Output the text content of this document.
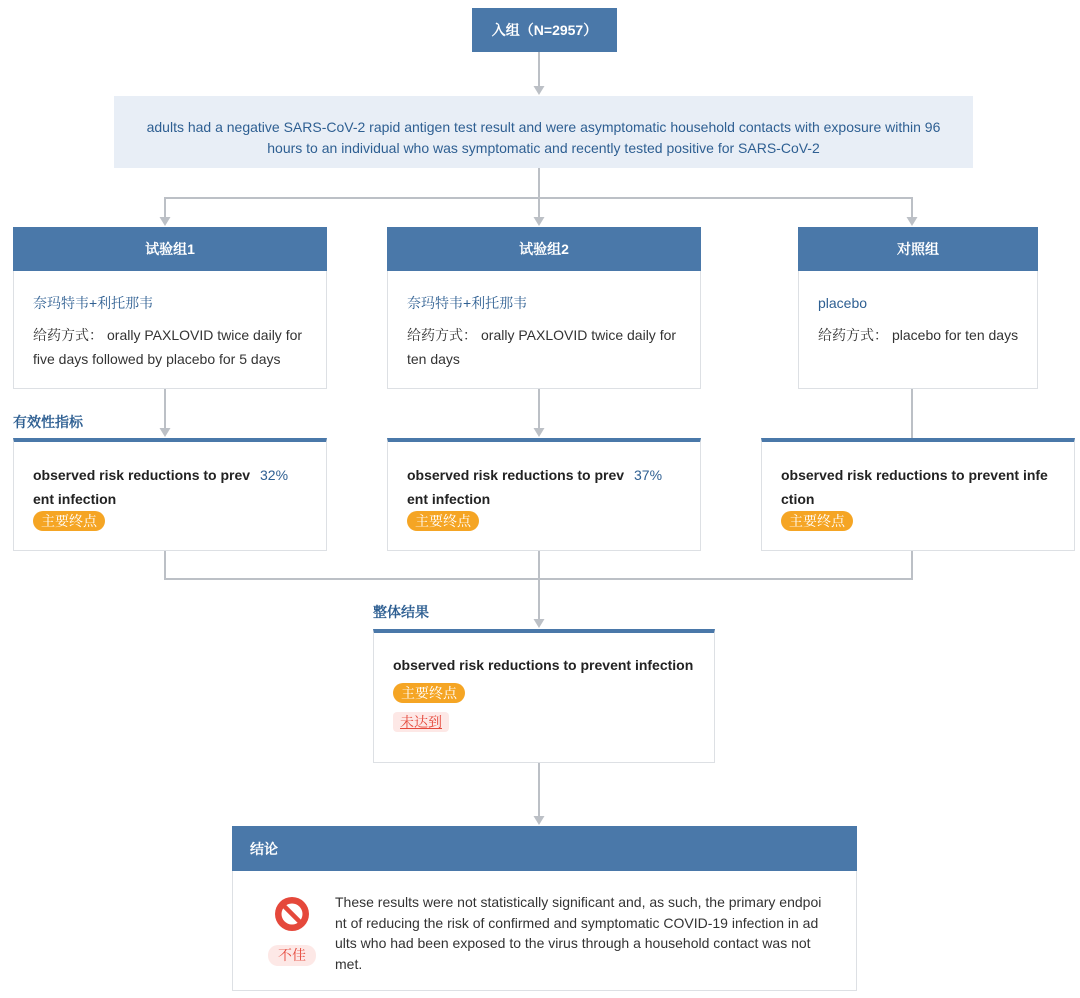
入组（N=2957）
adults had a negative SARS-CoV-2 rapid antigen test result and were asymptomatic household contacts with exposure within 96 hours to an individual who was symptomatic and recently tested positive for SARS-CoV-2
试验组1
奈玛特韦+利托那韦
给药方式： orally PAXLOVID twice daily for five days followed by placebo for 5 days
试验组2
奈玛特韦+利托那韦
给药方式： orally PAXLOVID twice daily for ten days
对照组
placebo
给药方式： placebo for ten days
有效性指标
observed risk reductions to prevent infection
32%
主要终点
observed risk reductions to prevent infection
37%
主要终点
observed risk reductions to prevent infection
主要终点
整体结果
observed risk reductions to prevent infection
主要终点
未达到
结论
不佳
These results were not statistically significant and, as such, the primary endpoint of reducing the risk of confirmed and symptomatic COVID-19 infection in adults who had been exposed to the virus through a household contact was not met.
